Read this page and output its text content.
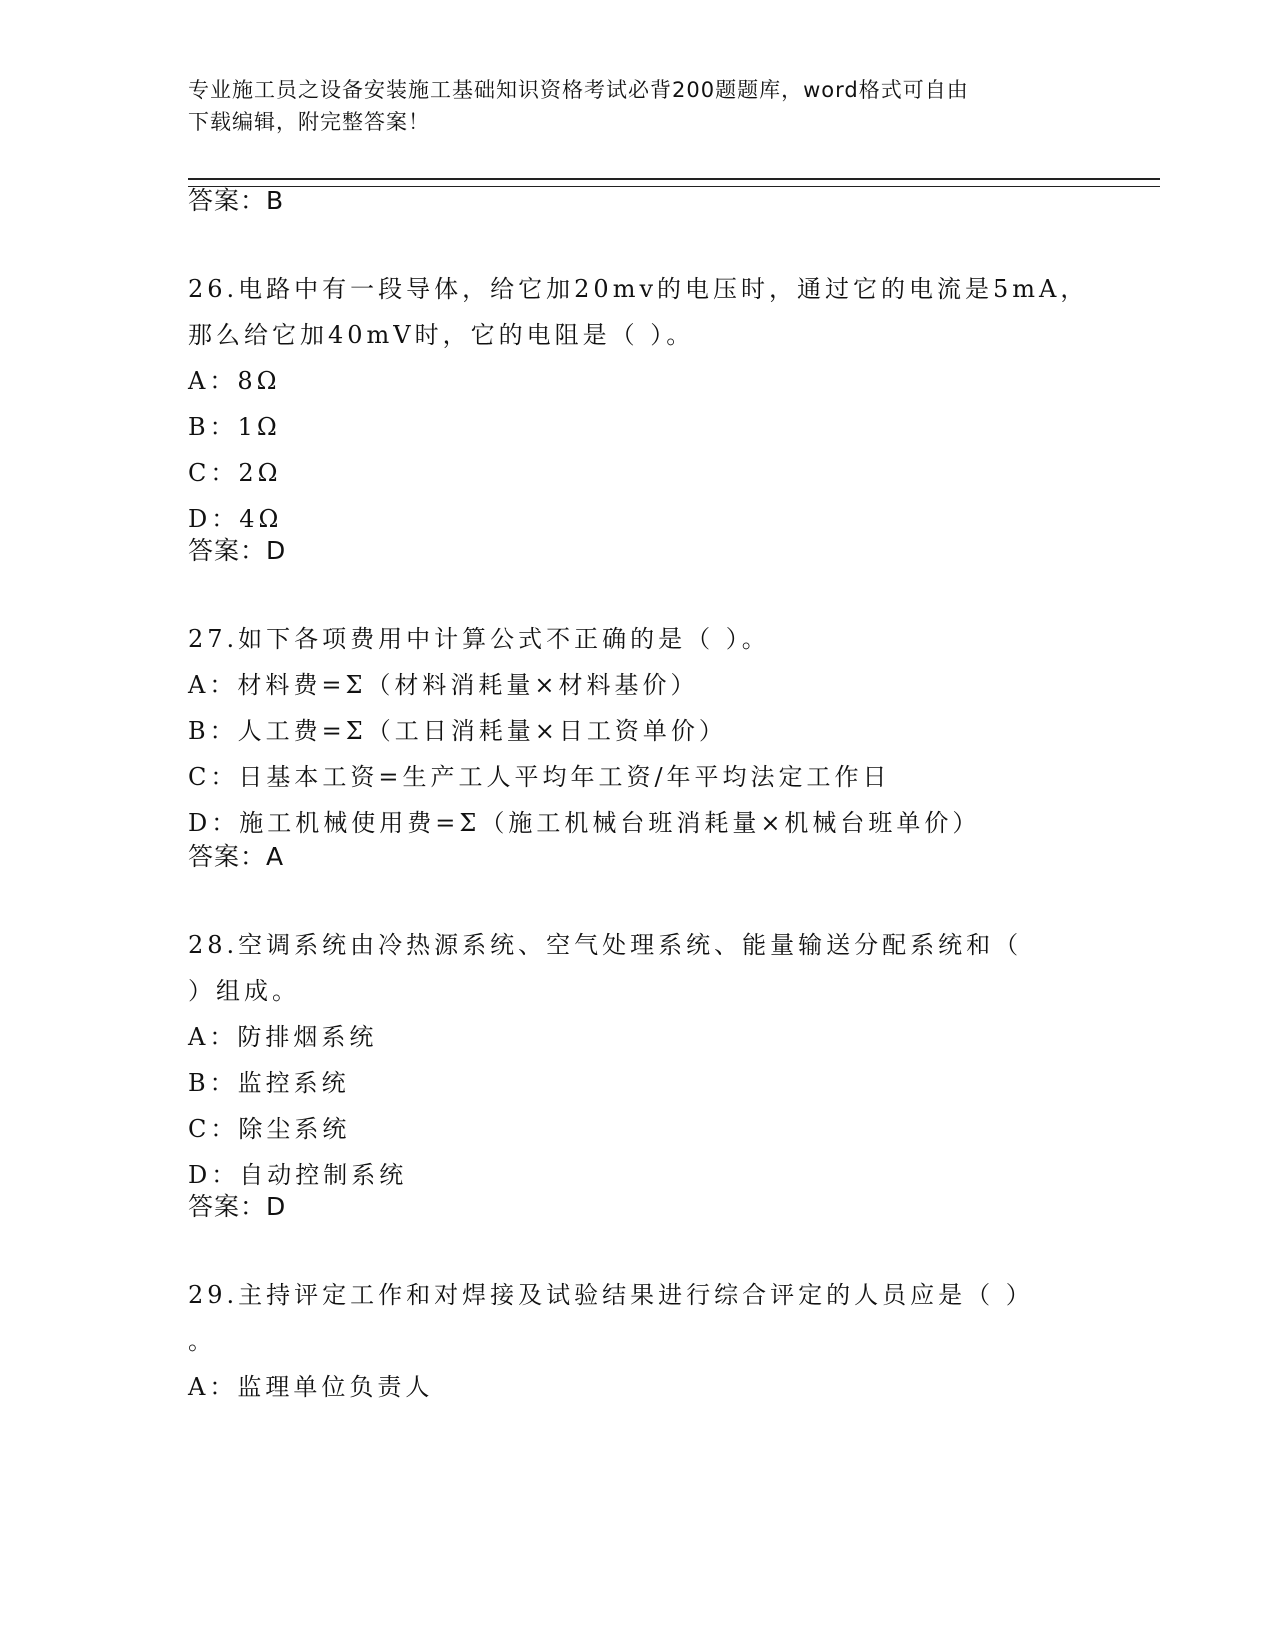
专业施工员之设备安装施工基础知识资格考试必背200题题库，word格式可自由
下载编辑，附完整答案！
答案：B
26.电路中有一段导体，给它加20mv的电压时，通过它的电流是5mA，
那么给它加40mV时，它的电阻是（ ）。
A：8Ω
B：1Ω
C：2Ω
D：4Ω
答案：D
27.如下各项费用中计算公式不正确的是（ ）。
A：材料费=Σ（材料消耗量×材料基价）
B：人工费=Σ（工日消耗量×日工资单价）
C：日基本工资=生产工人平均年工资/年平均法定工作日
D：施工机械使用费=Σ（施工机械台班消耗量×机械台班单价）
答案：A
28.空调系统由冷热源系统、空气处理系统、能量输送分配系统和（
）组成。
A：防排烟系统
B：监控系统
C：除尘系统
D：自动控制系统
答案：D
29.主持评定工作和对焊接及试验结果进行综合评定的人员应是（ ）
。
A：监理单位负责人
